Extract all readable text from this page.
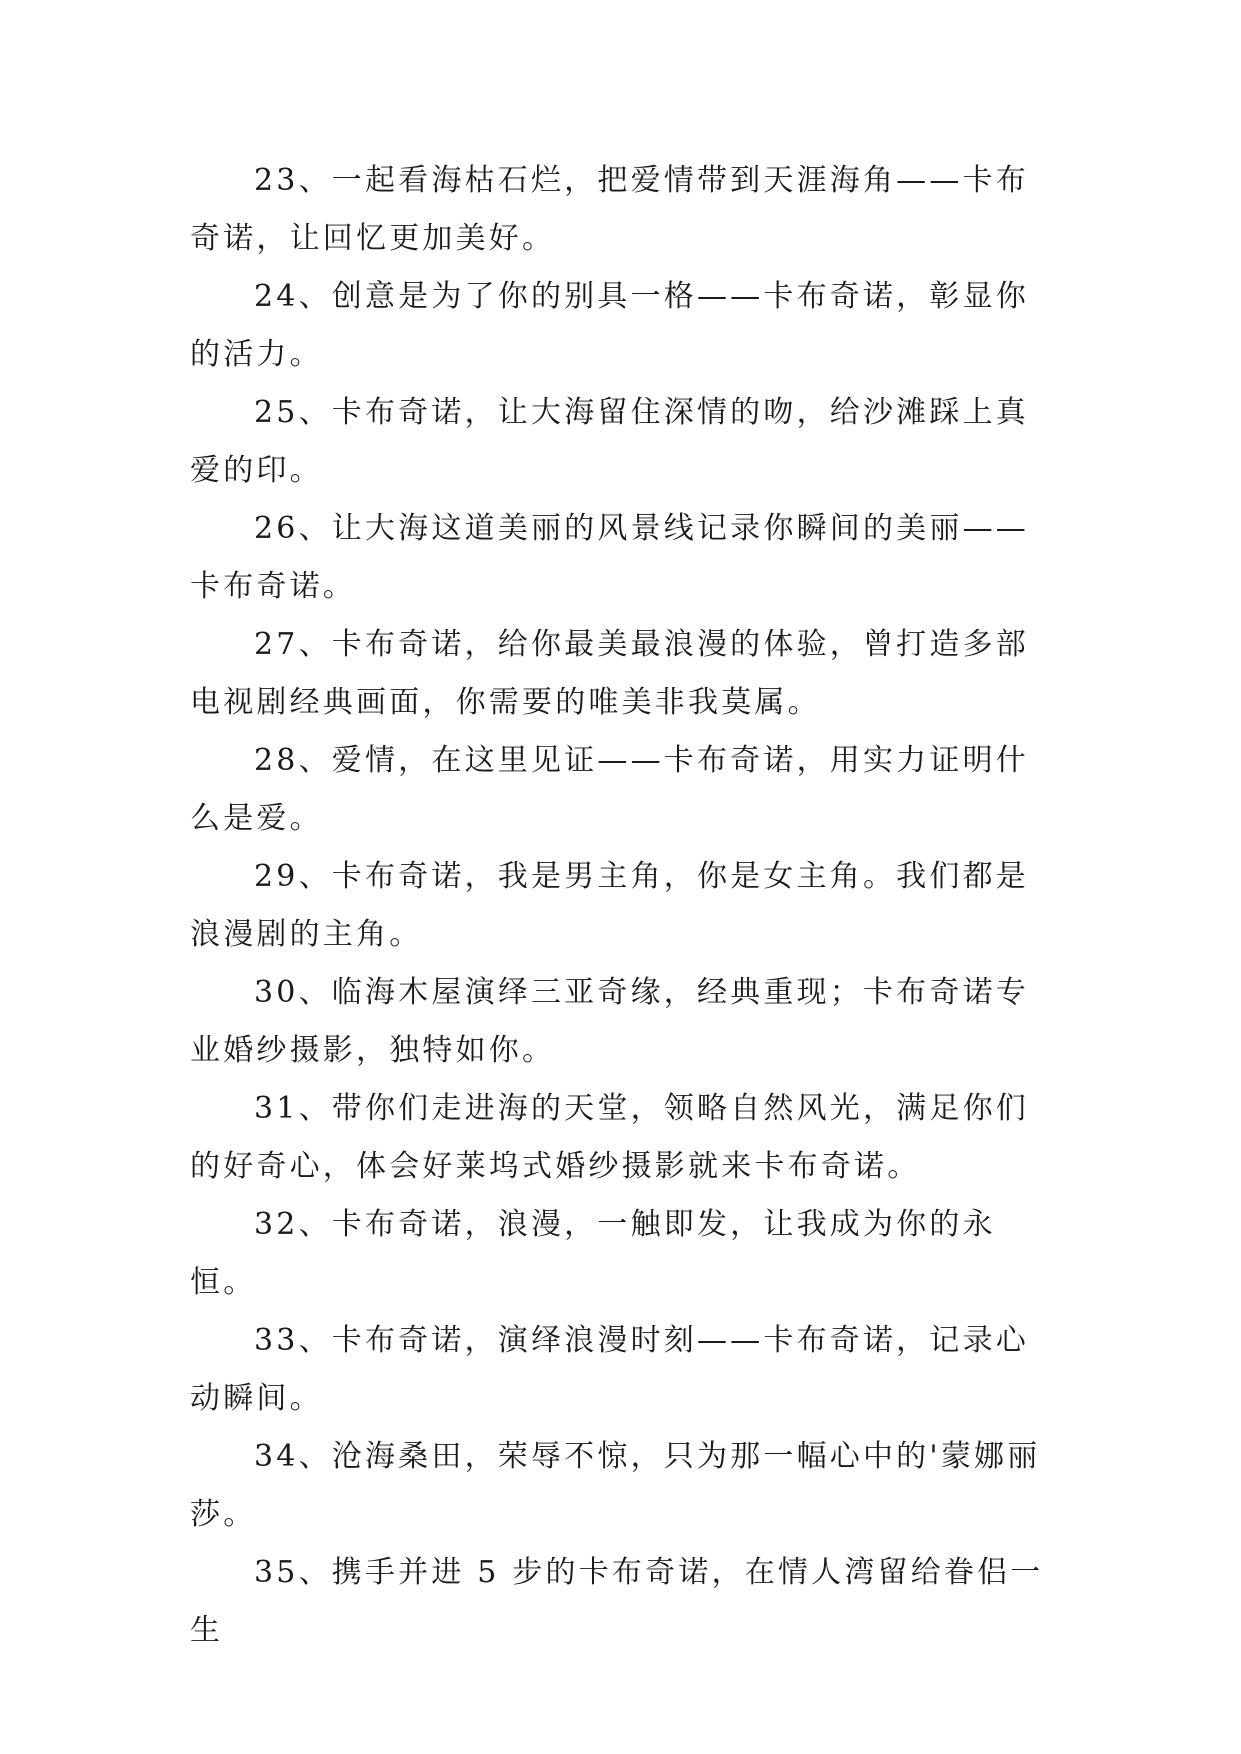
23、一起看海枯石烂，把爱情带到天涯海角——卡布奇诺，让回忆更加美好。

24、创意是为了你的别具一格——卡布奇诺，彰显你的活力。

25、卡布奇诺，让大海留住深情的吻，给沙滩踩上真爱的印。

26、让大海这道美丽的风景线记录你瞬间的美丽——卡布奇诺。

27、卡布奇诺，给你最美最浪漫的体验，曾打造多部电视剧经典画面，你需要的唯美非我莫属。

28、爱情，在这里见证——卡布奇诺，用实力证明什么是爱。

29、卡布奇诺，我是男主角，你是女主角。我们都是浪漫剧的主角。

30、临海木屋演绎三亚奇缘，经典重现；卡布奇诺专业婚纱摄影，独特如你。

31、带你们走进海的天堂，领略自然风光，满足你们的好奇心，体会好莱坞式婚纱摄影就来卡布奇诺。

32、卡布奇诺，浪漫，一触即发，让我成为你的永恒。

33、卡布奇诺，演绎浪漫时刻——卡布奇诺，记录心动瞬间。

34、沧海桑田，荣辱不惊，只为那一幅心中的'蒙娜丽莎。

35、携手并进 5 步的卡布奇诺，在情人湾留给眷侣一生
